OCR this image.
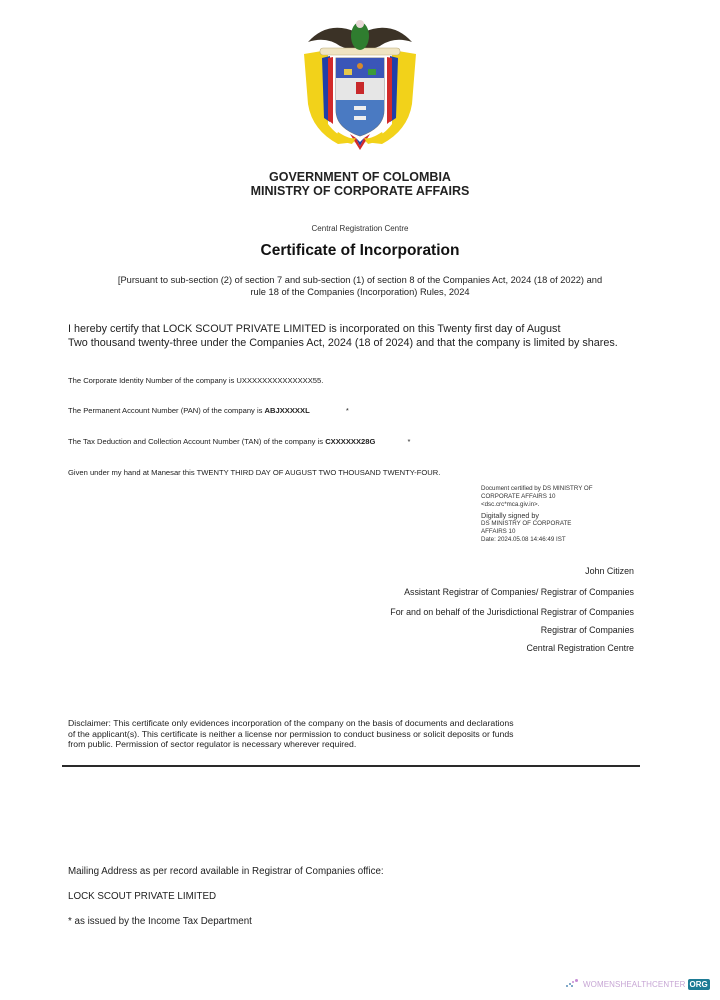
GOVERNMENT OF COLOMBIA
MINISTRY OF CORPORATE AFFAIRS
Central Registration Centre
Certificate of Incorporation
[Pursuant to sub-section (2) of section 7 and sub-section (1) of section 8 of the Companies Act, 2024 (18 of 2022) and
rule 18 of the Companies (Incorporation) Rules, 2024
I hereby certify that LOCK SCOUT PRIVATE LIMITED is incorporated on this Twenty first day of August
Two thousand twenty-three under the Companies Act, 2024 (18 of 2024) and that the company is limited by shares.
The Corporate Identity Number of the company is UXXXXXXXXXXXXXX55.
The Permanent Account Number (PAN) of the company is ABJXXXXXL	*
The Tax Deduction and Collection Account Number (TAN) of the company is CXXXXXX28G	*
Given under my hand at Manesar this TWENTY THIRD DAY OF AUGUST TWO THOUSAND TWENTY-FOUR.
Document certified by DS MINISTRY OF
CORPORATE AFFAIRS 10
<dsc.crc*mca.giv.in>.
Digitally signed by
DS MINISTRY OF CORPORATE
AFFAIRS 10
Date: 2024.05.08 14:46:49 IST
John Citizen
Assistant Registrar of Companies/ Registrar of Companies
For and on behalf of the Jurisdictional Registrar of Companies
Registrar of Companies
Central Registration Centre
Disclaimer: This certificate only evidences incorporation of the company on the basis of documents and declarations
of the applicant(s). This certificate is neither a license nor permission to conduct business or solicit deposits or funds
from public. Permission of sector regulator is necessary wherever required.
Mailing Address as per record available in Registrar of Companies office:
LOCK SCOUT PRIVATE LIMITED
* as issued by the Income Tax Department
WOMENSHEALTHCENTER ORG
